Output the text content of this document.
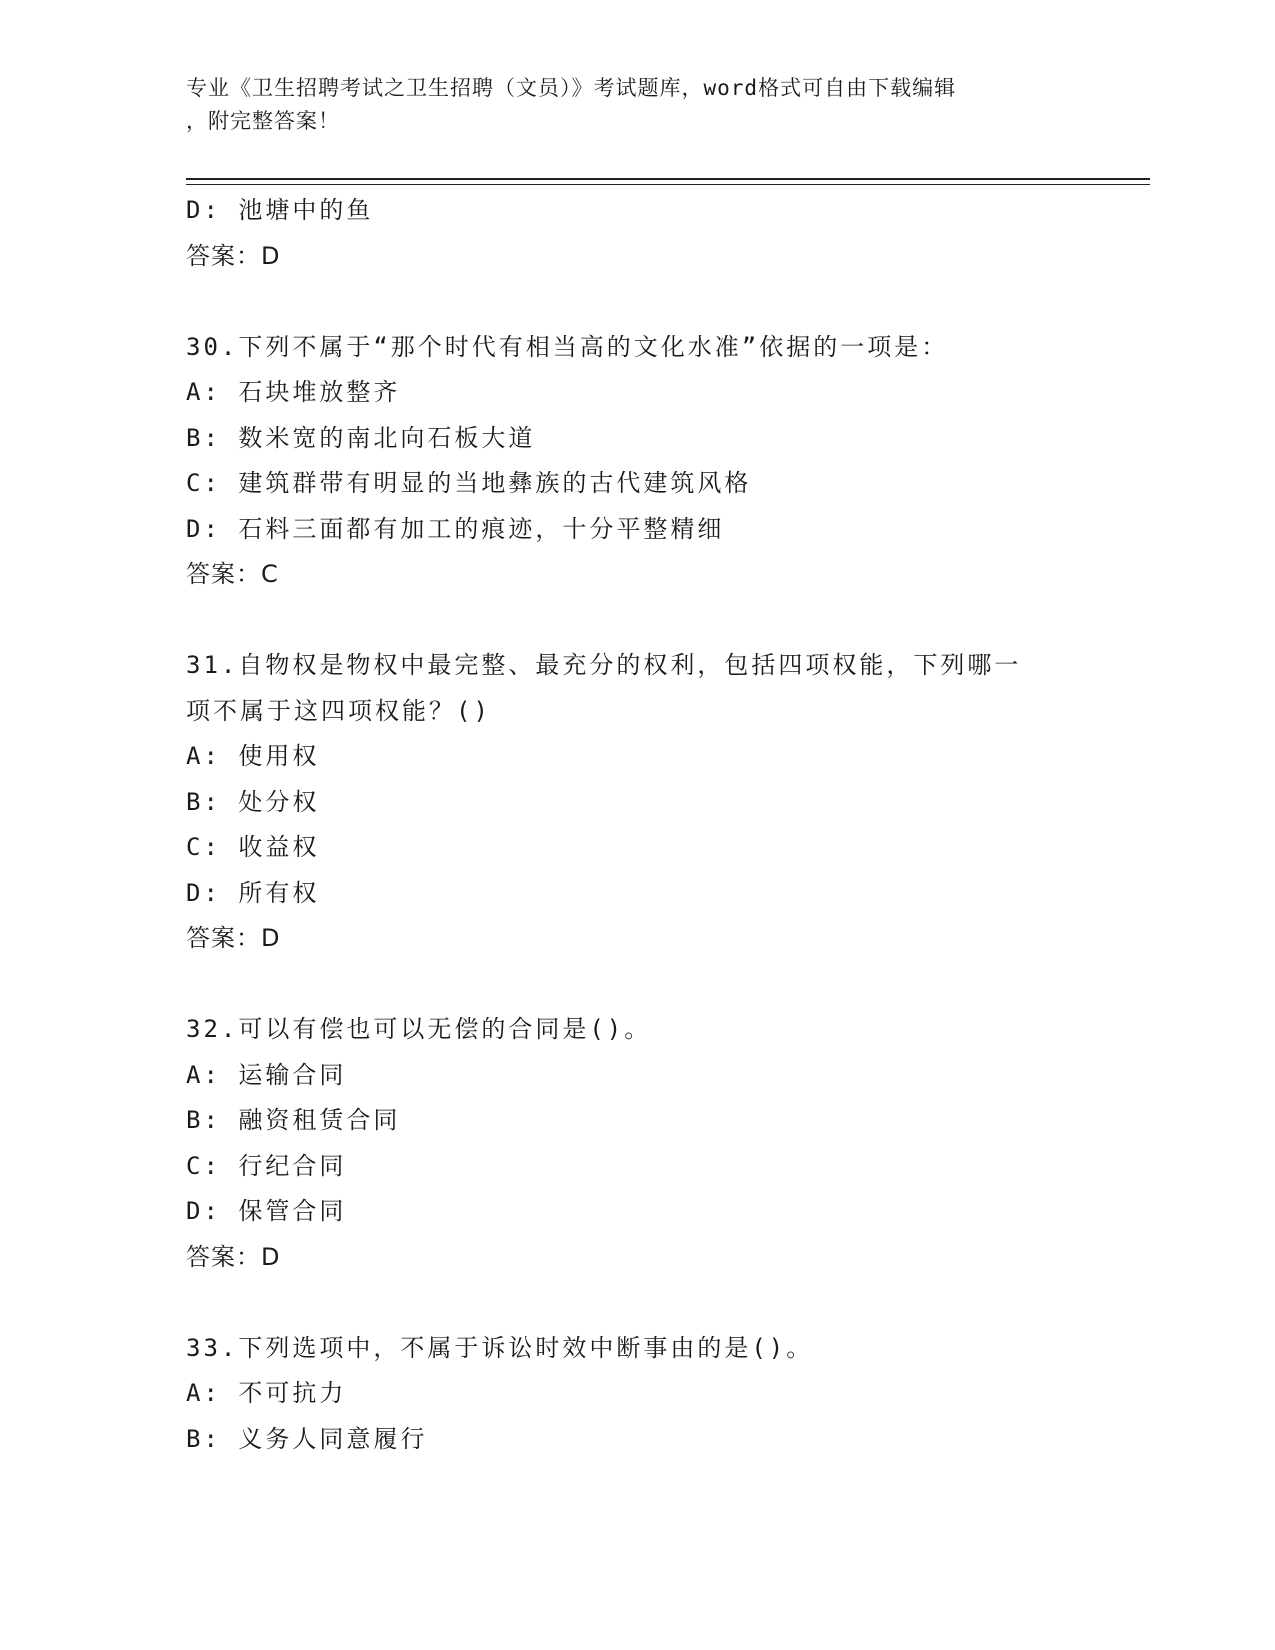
专业《卫生招聘考试之卫生招聘（文员）》考试题库，word格式可自由下载编辑
，附完整答案！
D: 池塘中的鱼
答案：D
30.下列不属于“那个时代有相当高的文化水准”依据的一项是：
A: 石块堆放整齐
B: 数米宽的南北向石板大道
C: 建筑群带有明显的当地彝族的古代建筑风格
D: 石料三面都有加工的痕迹，十分平整精细
答案：C
31.自物权是物权中最完整、最充分的权利，包括四项权能，下列哪一
项不属于这四项权能？()
A: 使用权
B: 处分权
C: 收益权
D: 所有权
答案：D
32.可以有偿也可以无偿的合同是()。
A: 运输合同
B: 融资租赁合同
C: 行纪合同
D: 保管合同
答案：D
33.下列选项中，不属于诉讼时效中断事由的是()。
A: 不可抗力
B: 义务人同意履行
